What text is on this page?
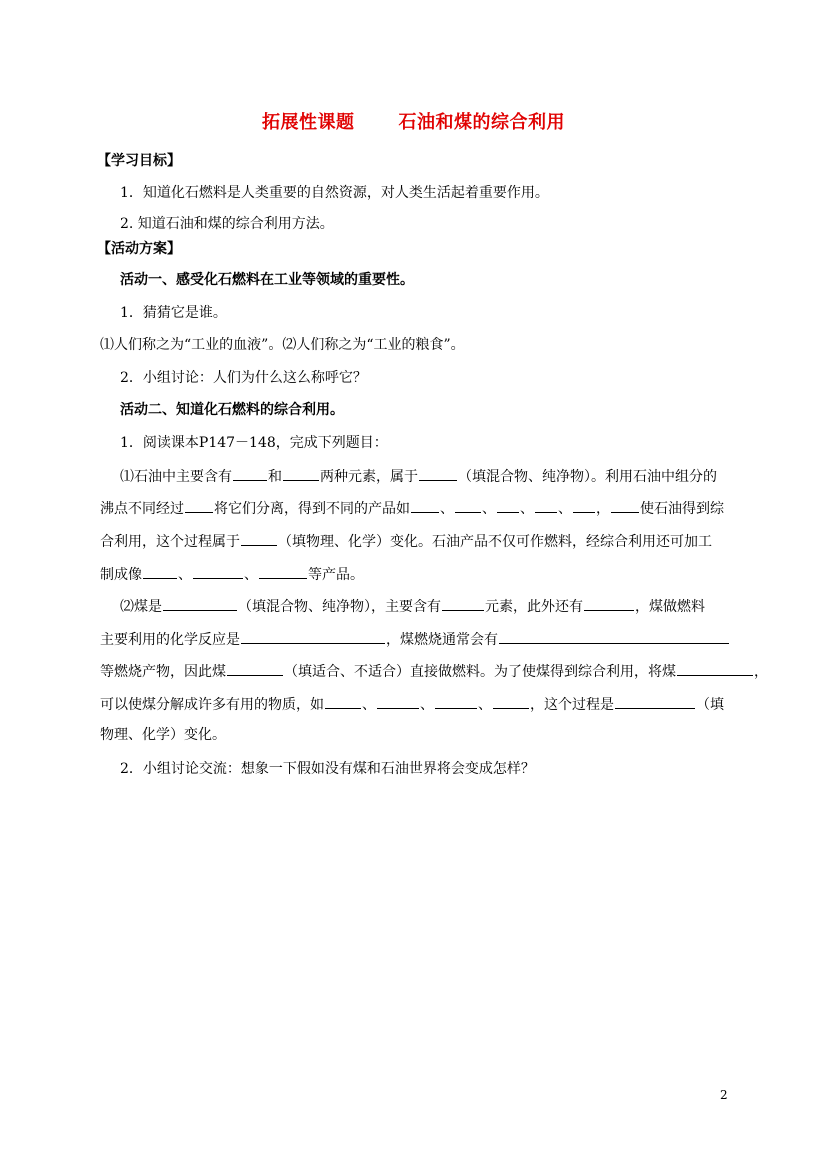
拓展性课题 石油和煤的综合利用
【学习目标】
1．知道化石燃料是人类重要的自然资源，对人类生活起着重要作用。
2. 知道石油和煤的综合利用方法。
【活动方案】
活动一、感受化石燃料在工业等领域的重要性。
1．猜猜它是谁。
⑴人们称之为“工业的血液”。⑵人们称之为“工业的粮食”。
2．小组讨论：人们为什么这么称呼它？
活动二、知道化石燃料的综合利用。
1．阅读课本P147－148，完成下列题目：
⑴石油中主要含有	和	两种元素，属于	（填混合物、纯净物）。利用石油中组分的
沸点不同经过 将它们分离，得到不同的产品如 、 、 、 、 ， 使石油得到综
合利用，这个过程属于	（填物理、化学）变化。石油产品不仅可作燃料，经综合利用还可加工
制成像	、	、	等产品。
⑵煤是	（填混合物、纯净物），主要含有	元素，此外还有	，煤做燃料
主要利用的化学反应是	，煤燃烧通常会有
等燃烧产物，因此煤	（填适合、不适合）直接做燃料。为了使煤得到综合利用，将煤	，
可以使煤分解成许多有用的物质，如	、	、	、	，这个过程是	（填
物理、化学）变化。
2．小组讨论交流：想象一下假如没有煤和石油世界将会变成怎样？
2
